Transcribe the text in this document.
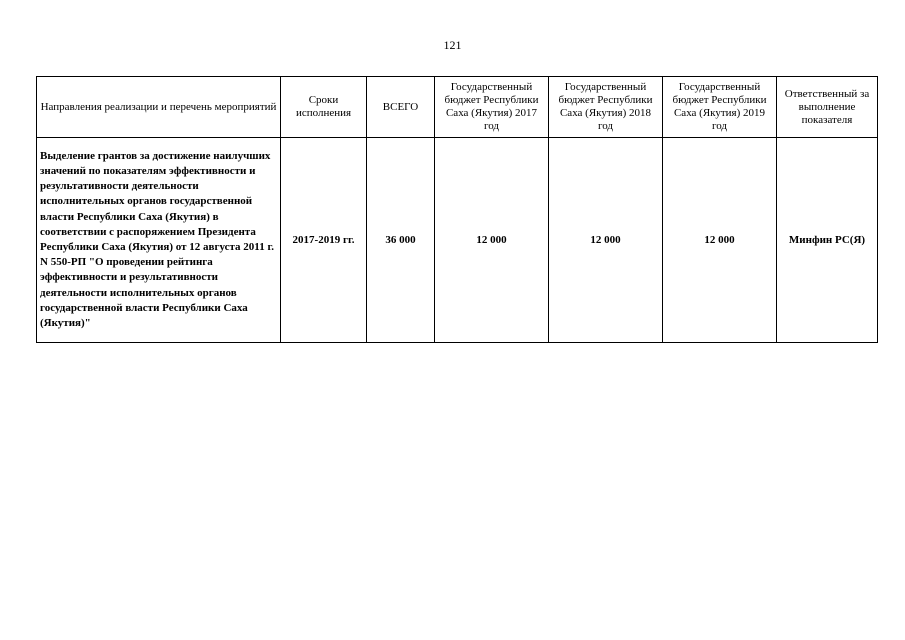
121
Направления реализации и перечень мероприятий	Сроки исполнения	ВСЕГО	Государственный бюджет Республики Саха (Якутия) 2017 год	Государственный бюджет Республики Саха (Якутия) 2018 год	Государственный бюджет Республики Саха (Якутия) 2019 год	Ответственный за выполнение показателя
Выделение грантов за достижение наилучших значений по показателям эффективности и результативности деятельности исполнительных органов государственной власти Республики Саха (Якутия) в соответствии с распоряжением Президента Республики Саха (Якутия) от 12 августа 2011 г. N 550-РП "О проведении рейтинга эффективности и результативности деятельности исполнительных органов государственной власти Республики Саха (Якутия)"	2017-2019 гг.	36 000	12 000	12 000	12 000	Минфин РС(Я)
